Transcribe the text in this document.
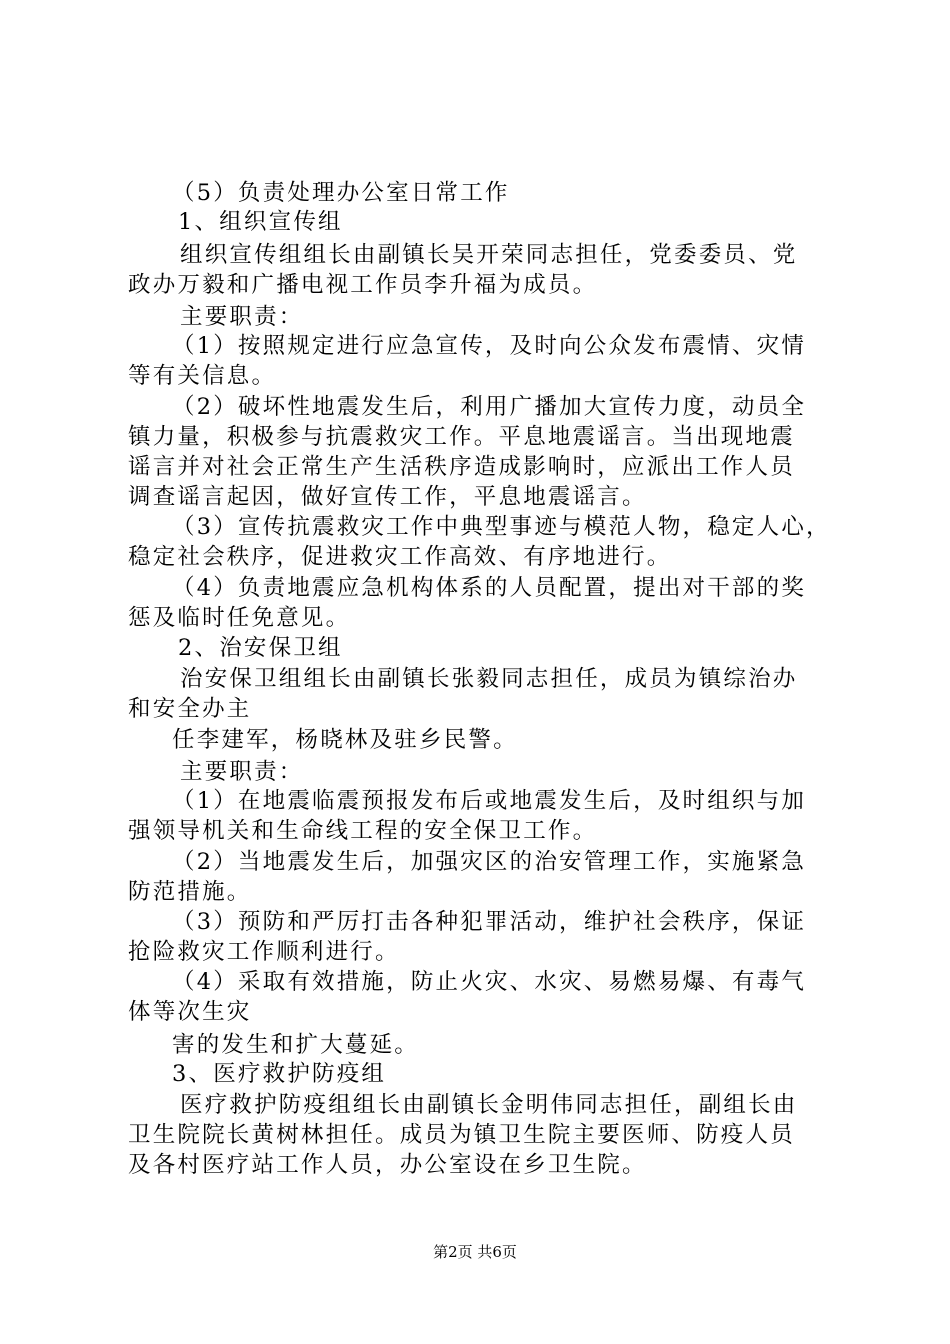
（5）负责处理办公室日常工作
1、组织宣传组
组织宣传组组长由副镇长吴开荣同志担任，党委委员、党
政办万毅和广播电视工作员李升福为成员。
主要职责：
（1）按照规定进行应急宣传，及时向公众发布震情、灾情
等有关信息。
（2）破坏性地震发生后，利用广播加大宣传力度，动员全
镇力量，积极参与抗震救灾工作。平息地震谣言。当出现地震
谣言并对社会正常生产生活秩序造成影响时，应派出工作人员
调查谣言起因，做好宣传工作，平息地震谣言。
（3）宣传抗震救灾工作中典型事迹与模范人物，稳定人心，
稳定社会秩序，促进救灾工作高效、有序地进行。
（4）负责地震应急机构体系的人员配置，提出对干部的奖
惩及临时任免意见。
2、治安保卫组
治安保卫组组长由副镇长张毅同志担任，成员为镇综治办
和安全办主
任李建军，杨晓林及驻乡民警。
主要职责：
（1）在地震临震预报发布后或地震发生后，及时组织与加
强领导机关和生命线工程的安全保卫工作。
（2）当地震发生后，加强灾区的治安管理工作，实施紧急
防范措施。
（3）预防和严厉打击各种犯罪活动，维护社会秩序，保证
抢险救灾工作顺利进行。
（4）采取有效措施，防止火灾、水灾、易燃易爆、有毒气
体等次生灾
害的发生和扩大蔓延。
3、医疗救护防疫组
医疗救护防疫组组长由副镇长金明伟同志担任，副组长由
卫生院院长黄树林担任。成员为镇卫生院主要医师、防疫人员
及各村医疗站工作人员，办公室设在乡卫生院。
第2页 共6页
